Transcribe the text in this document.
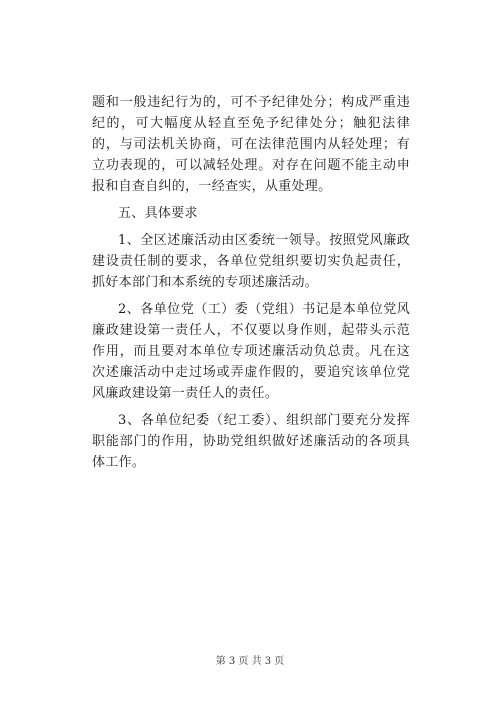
题和一般违纪行为的，可不予纪律处分；构成严重违纪的，可大幅度从轻直至免予纪律处分；触犯法律的，与司法机关协商，可在法律范围内从轻处理；有立功表现的，可以减轻处理。对存在问题不能主动申报和自查自纠的，一经查实，从重处理。

五、具体要求

1、全区述廉活动由区委统一领导。按照党风廉政建设责任制的要求，各单位党组织要切实负起责任，抓好本部门和本系统的专项述廉活动。

2、各单位党（工）委（党组）书记是本单位党风廉政建设第一责任人，不仅要以身作则，起带头示范作用，而且要对本单位专项述廉活动负总责。凡在这次述廉活动中走过场或弄虚作假的，要追究该单位党风廉政建设第一责任人的责任。

3、各单位纪委（纪工委）、组织部门要充分发挥职能部门的作用，协助党组织做好述廉活动的各项具体工作。

第 3 页 共 3 页
